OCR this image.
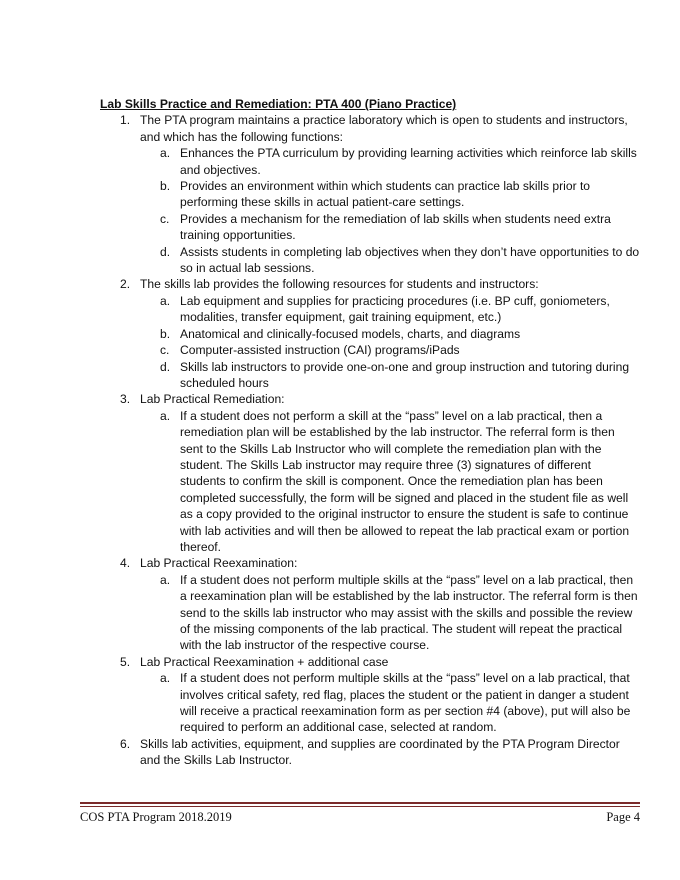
Lab Skills Practice and Remediation: PTA 400 (Piano Practice)

1. The PTA program maintains a practice laboratory which is open to students and instructors, and which has the following functions:
a. Enhances the PTA curriculum by providing learning activities which reinforce lab skills and objectives.
b. Provides an environment within which students can practice lab skills prior to performing these skills in actual patient-care settings.
c. Provides a mechanism for the remediation of lab skills when students need extra training opportunities.
d. Assists students in completing lab objectives when they don’t have opportunities to do so in actual lab sessions.
2. The skills lab provides the following resources for students and instructors:
a. Lab equipment and supplies for practicing procedures (i.e. BP cuff, goniometers, modalities, transfer equipment, gait training equipment, etc.)
b. Anatomical and clinically-focused models, charts, and diagrams
c. Computer-assisted instruction (CAI) programs/iPads
d. Skills lab instructors to provide one-on-one and group instruction and tutoring during scheduled hours
3. Lab Practical Remediation:
a. If a student does not perform a skill at the “pass” level on a lab practical, then a remediation plan will be established by the lab instructor. The referral form is then sent to the Skills Lab Instructor who will complete the remediation plan with the student. The Skills Lab instructor may require three (3) signatures of different students to confirm the skill is component. Once the remediation plan has been completed successfully, the form will be signed and placed in the student file as well as a copy provided to the original instructor to ensure the student is safe to continue with lab activities and will then be allowed to repeat the lab practical exam or portion thereof.
4. Lab Practical Reexamination:
a. If a student does not perform multiple skills at the “pass” level on a lab practical, then a reexamination plan will be established by the lab instructor. The referral form is then send to the skills lab instructor who may assist with the skills and possible the review of the missing components of the lab practical. The student will repeat the practical with the lab instructor of the respective course.
5. Lab Practical Reexamination + additional case
a. If a student does not perform multiple skills at the “pass” level on a lab practical, that involves critical safety, red flag, places the student or the patient in danger a student will receive a practical reexamination form as per section #4 (above), put will also be required to perform an additional case, selected at random.
6. Skills lab activities, equipment, and supplies are coordinated by the PTA Program Director and the Skills Lab Instructor.
COS PTA Program 2018.2019	Page 4
